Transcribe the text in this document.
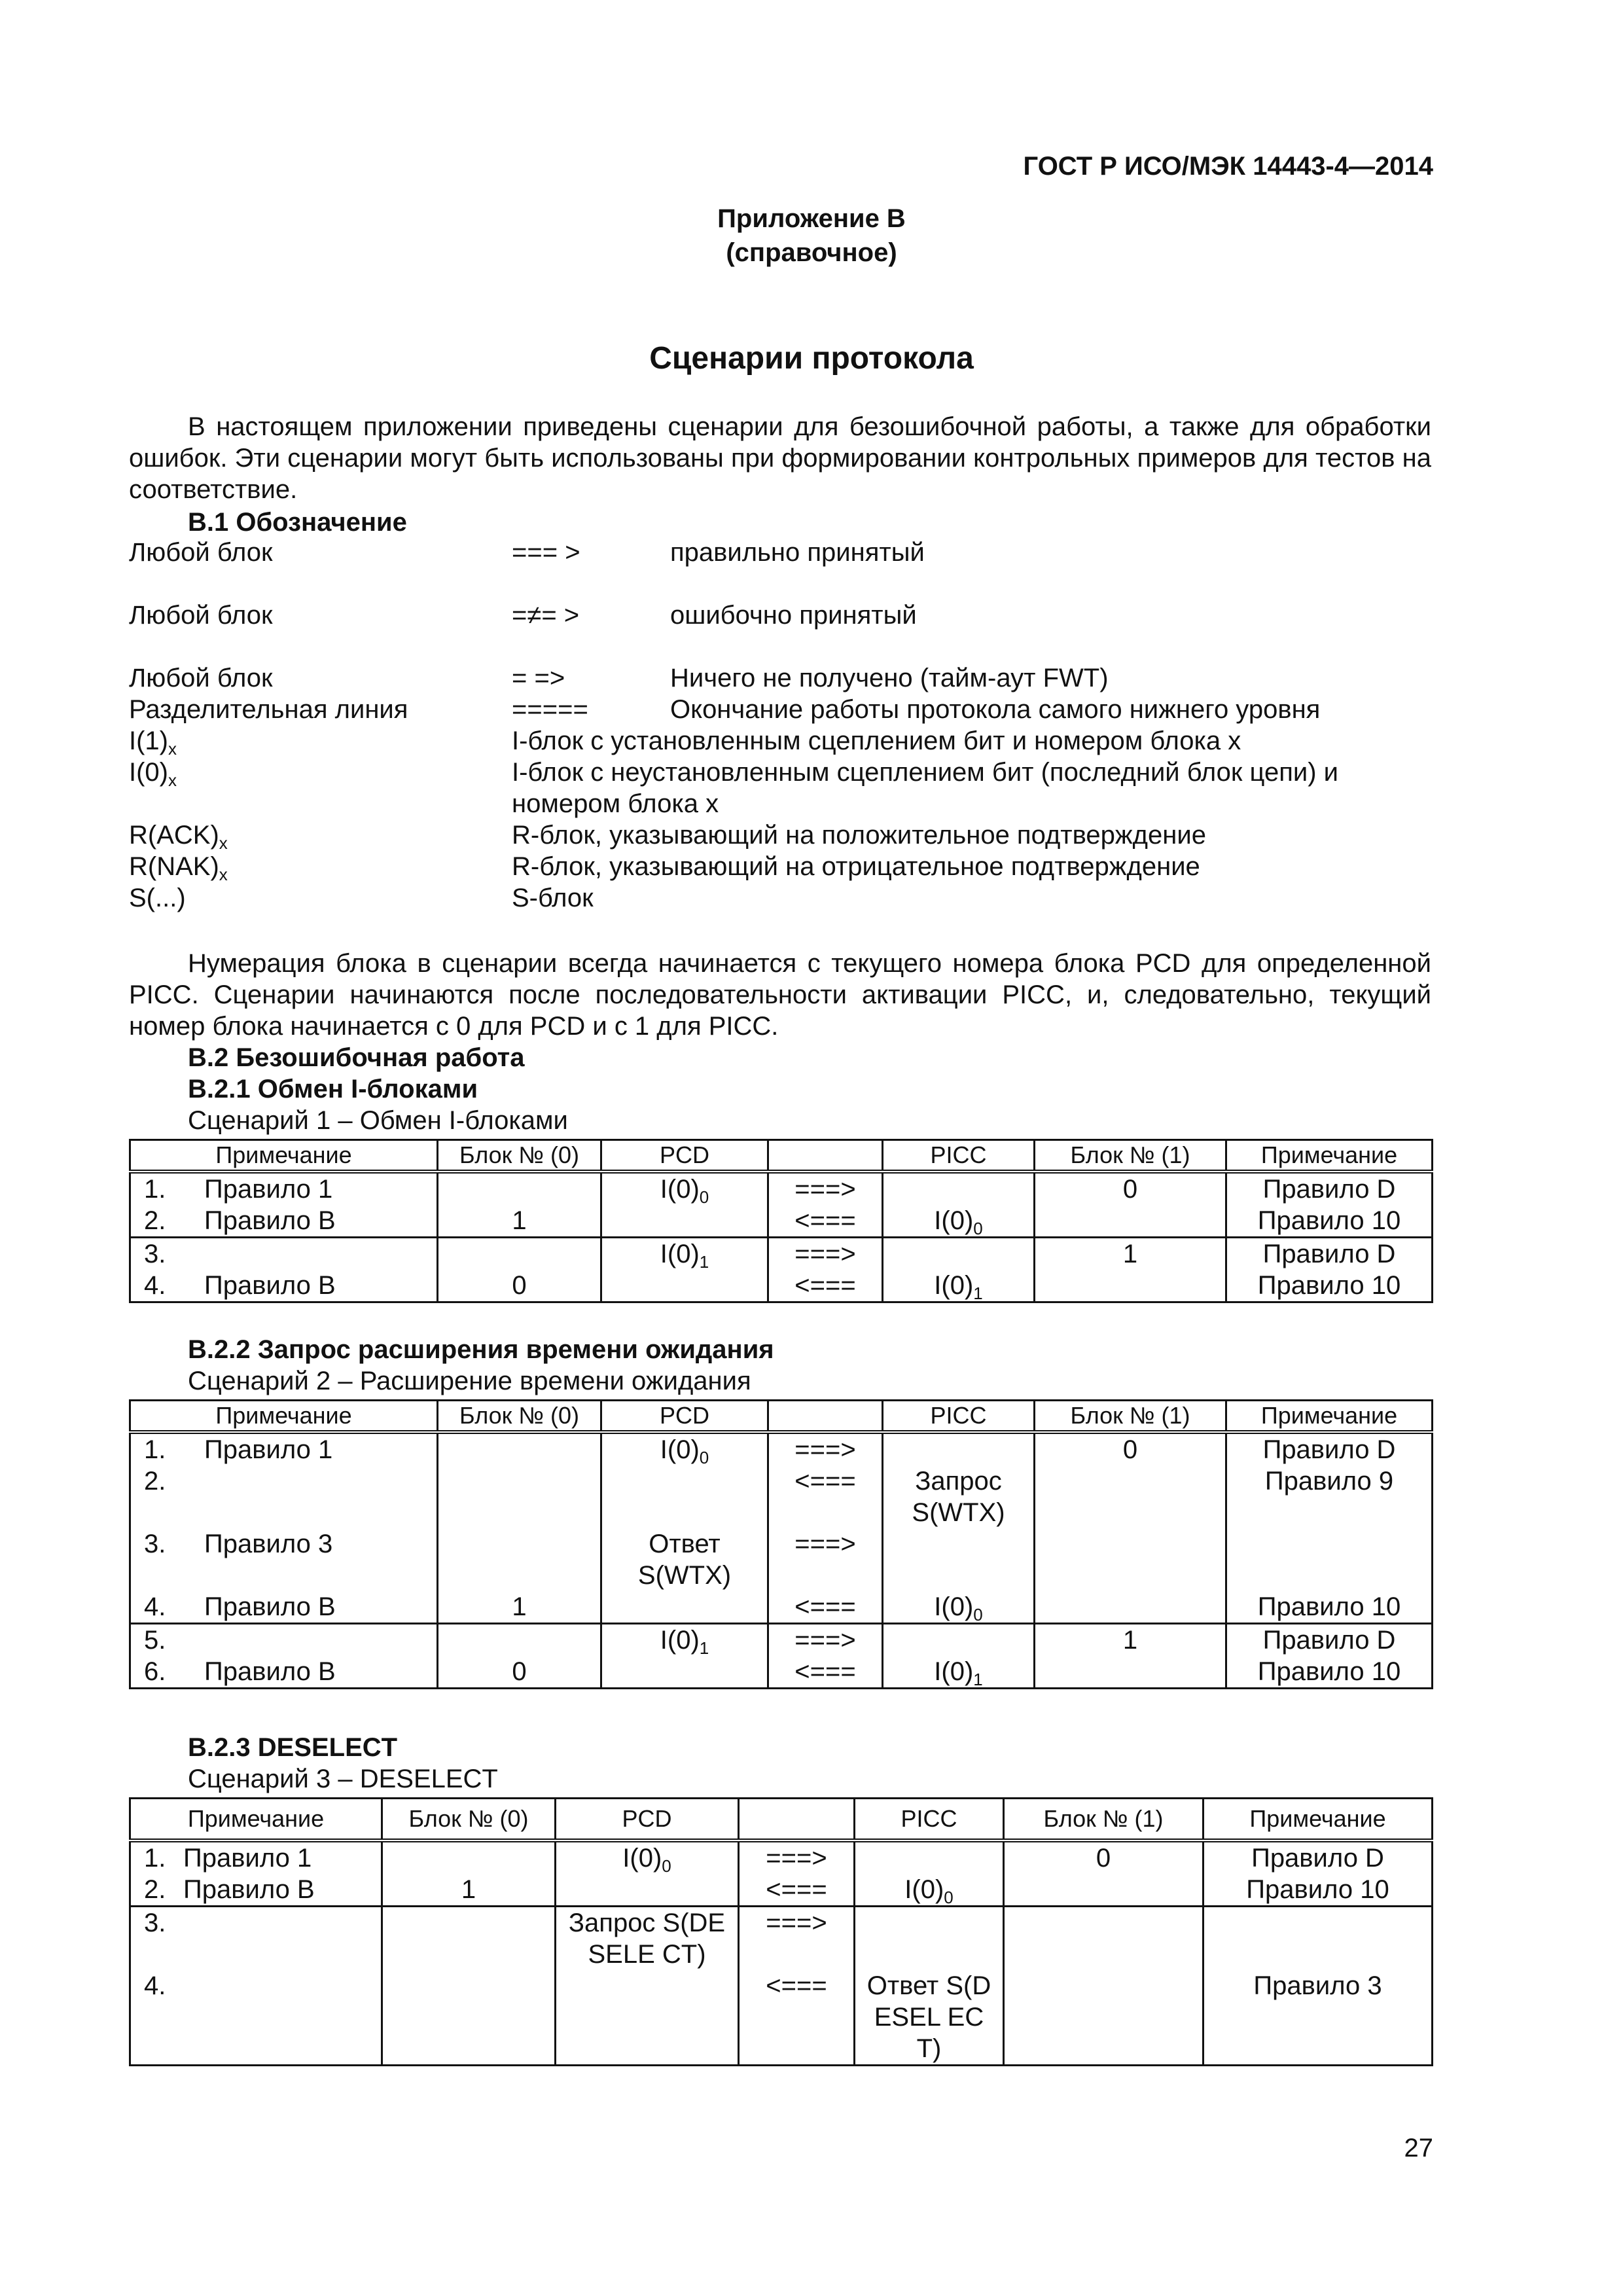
ГОСТ Р ИСО/МЭК 14443-4—2014
Приложение В
(справочное)
Сценарии протокола
В настоящем приложении приведены сценарии для безошибочной работы, а также для обработки ошибок. Эти сценарии могут быть использованы при формировании контрольных примеров для тестов на соответствие.
В.1 Обозначение
Любой блок	=== >	правильно принятый
Любой блок	=≠= >	ошибочно принятый
Любой блок	= =>	Ничего не получено (тайм-аут FWT)
Разделительная линия	=====	Окончание работы протокола самого нижнего уровня
$I(1)_x$	I-блок с установленным сцеплением бит и номером блока х
$I(0)_x$	I-блок с неустановленным сцеплением бит (последний блок цепи) и номером блока х
$R(ACK)_x$	R-блок, указывающий на положительное подтверждение
$R(NAK)_x$	R-блок, указывающий на отрицательное подтверждение
S(...)	S-блок
Нумерация блока в сценарии всегда начинается с текущего номера блока PCD для определенной PICC. Сценарии начинаются после последовательности активации PICC, и, следовательно, текущий номер блока начинается с 0 для PCD и с 1 для PICC.
В.2 Безошибочная работа
В.2.1 Обмен I-блоками
Сценарий 1 – Обмен I-блоками
Примечание	Блок № (0)	PCD		PICC	Блок № (1)	Примечание
1. Правило 1		$I(0)_0$	===>		0	Правило D
2. Правило В	1		<===	$I(0)_0$		Правило 10
3.		$I(0)_1$	===>		1	Правило D
4. Правило В	0		<===	$I(0)_1$		Правило 10
В.2.2 Запрос расширения времени ожидания
Сценарий 2 – Расширение времени ожидания
Примечание	Блок № (0)	PCD		PICC	Блок № (1)	Примечание
1. Правило 1		$I(0)_0$	===>		0	Правило D
2.			<===	Запрос S(WTX)		Правило 9
3. Правило 3		Ответ S(WTX)	===>			
4. Правило В	1		<===	$I(0)_0$		Правило 10
5.		$I(0)_1$	===>		1	Правило D
6. Правило В	0		<===	$I(0)_1$		Правило 10
В.2.3 DESELECT
Сценарий 3 – DESELECT
Примечание	Блок № (0)	PCD		PICC	Блок № (1)	Примечание
1. Правило 1		$I(0)_0$	===>		0	Правило D
2. Правило В	1		<===	$I(0)_0$		Правило 10
3.		Запрос S(DESELE CT)	===>			
4.			<===	Ответ S(DESEL ECT)		Правило 3
27
